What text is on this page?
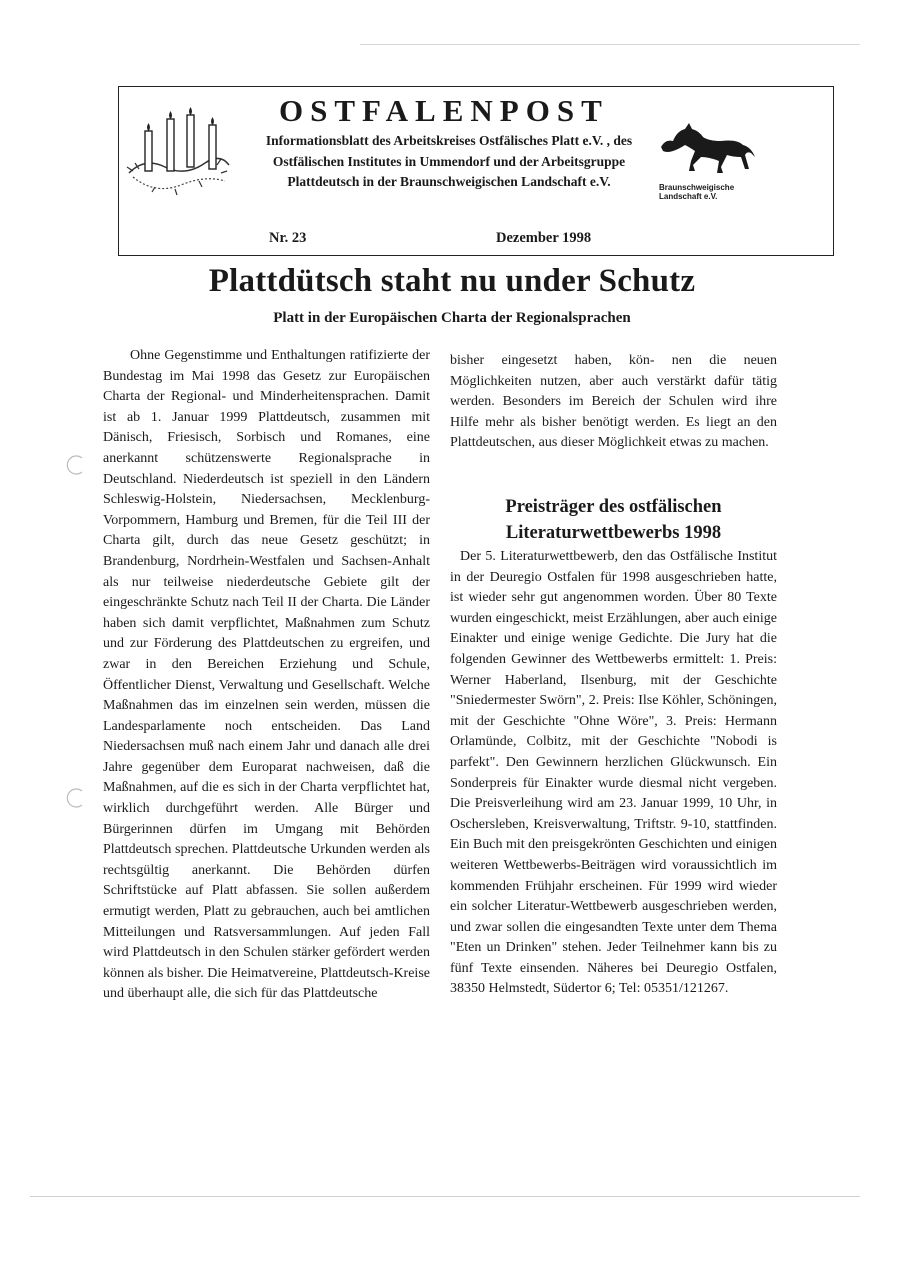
OSTFALENPOST
Informationsblatt des Arbeitskreises Ostfälisches Platt e.V. , des Ostfälischen Institutes in Ummendorf und der Arbeitsgruppe Plattdeutsch in der Braunschweigischen Landschaft e.V.
Nr. 23	Dezember 1998
Braunschweigische Landschaft e.V.
Plattdütsch staht nu under Schutz
Platt in der Europäischen Charta der Regionalsprachen

Ohne Gegenstimme und Enthaltungen ratifizierte der Bundestag im Mai 1998 das Gesetz zur Europäischen Charta der Regional- und Minderheitensprachen. Damit ist ab 1. Januar 1999 Plattdeutsch, zusammen mit Dänisch, Friesisch, Sorbisch und Romanes, eine anerkannt schützenswerte Regionalsprache in Deutschland. Niederdeutsch ist speziell in den Ländern Schleswig-Holstein, Niedersachsen, Mecklenburg-Vorpommern, Hamburg und Bremen, für die Teil III der Charta gilt, durch das neue Gesetz geschützt; in Brandenburg, Nordrhein-Westfalen und Sachsen-Anhalt als nur teilweise niederdeutsche Gebiete gilt der eingeschränkte Schutz nach Teil II der Charta. Die Länder haben sich damit verpflichtet, Maßnahmen zum Schutz und zur Förderung des Plattdeutschen zu ergreifen, und zwar in den Bereichen Erziehung und Schule, Öffentlicher Dienst, Verwaltung und Gesellschaft. Welche Maßnahmen das im einzelnen sein werden, müssen die Landesparlamente noch entscheiden. Das Land Niedersachsen muß nach einem Jahr und danach alle drei Jahre gegenüber dem Europarat nachweisen, daß die Maßnahmen, auf die es sich in der Charta verpflichtet hat, wirklich durchgeführt werden. Alle Bürger und Bürgerinnen dürfen im Umgang mit Behörden Plattdeutsch sprechen. Plattdeutsche Urkunden werden als rechtsgültig anerkannt. Die Behörden dürfen Schriftstücke auf Platt abfassen. Sie sollen außerdem ermutigt werden, Platt zu gebrauchen, auch bei amtlichen Mitteilungen und Ratsversammlungen. Auf jeden Fall wird Plattdeutsch in den Schulen stärker gefördert werden können als bisher. Die Heimatvereine, Plattdeutsch-Kreise und überhaupt alle, die sich für das Plattdeutsche

bisher eingesetzt haben, kön- nen die neuen Möglichkeiten nutzen, aber auch verstärkt dafür tätig werden. Besonders im Bereich der Schulen wird ihre Hilfe mehr als bisher benötigt werden. Es liegt an den Plattdeutschen, aus dieser Möglichkeit etwas zu machen.

Preisträger des ostfälischen Literaturwettbewerbs 1998

Der 5. Literaturwettbewerb, den das Ostfälische Institut in der Deuregio Ostfalen für 1998 ausgeschrieben hatte, ist wieder sehr gut angenommen worden. Über 80 Texte wurden eingeschickt, meist Erzählungen, aber auch einige Einakter und einige wenige Gedichte. Die Jury hat die folgenden Gewinner des Wettbewerbs ermittelt: 1. Preis: Werner Haberland, Ilsenburg, mit der Geschichte "Sniedermester Swörn", 2. Preis: Ilse Köhler, Schöningen, mit der Geschichte "Ohne Wöre", 3. Preis: Hermann Orlamünde, Colbitz, mit der Geschichte "Nobodi is parfekt". Den Gewinnern herzlichen Glückwunsch. Ein Sonderpreis für Einakter wurde diesmal nicht vergeben. Die Preisverleihung wird am 23. Januar 1999, 10 Uhr, in Oschersleben, Kreisverwaltung, Triftstr. 9-10, stattfinden. Ein Buch mit den preisgekrönten Geschichten und einigen weiteren Wettbewerbs-Beiträgen wird voraussichtlich im kommenden Frühjahr erscheinen. Für 1999 wird wieder ein solcher Literatur-Wettbewerb ausgeschrieben werden, und zwar sollen die eingesandten Texte unter dem Thema "Eten un Drinken" stehen. Jeder Teilnehmer kann bis zu fünf Texte einsenden. Näheres bei Deuregio Ostfalen, 38350 Helmstedt, Südertor 6; Tel: 05351/121267.
